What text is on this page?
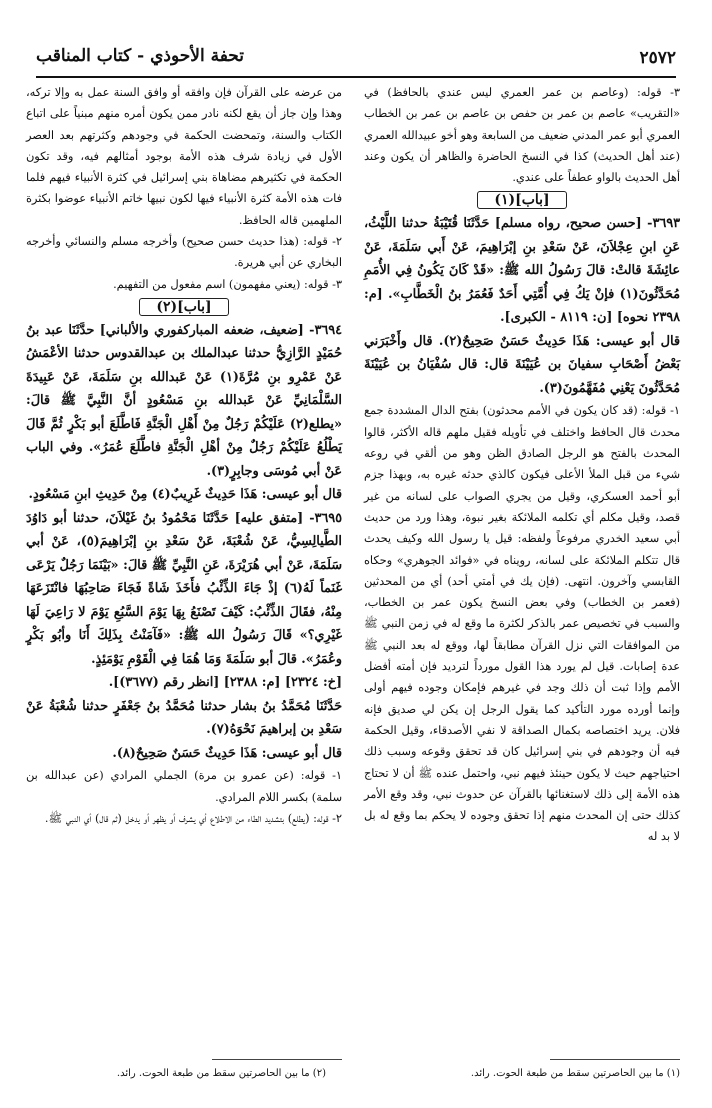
٢٥٧٢
تحفة الأحوذي - كتاب المناقب

٣- قوله: (وعاصم بن عمر العمري ليس عندي بالحافظ) في «التقريب» عاصم بن عمر بن حفص بن عاصم بن عمر بن الخطاب العمري أبو عمر المدني ضعيف من السابعة وهو أخو عبيدالله العمري (عند أهل الحديث) كذا في النسخ الحاضرة والظاهر أن يكون وعند أهل الحديث بالواو عطفاً على عندي.

[باب](١)

٣٦٩٣- [حسن صحيح، رواه مسلم] حَدَّثَنَا قُتَيْبَةُ حدثنا اللَّيْثُ، عَنِ ابنِ عِجْلاَنَ، عَنْ سَعْدِ بنِ إبْرَاهِيمَ، عَنْ أَبي سَلَمَةَ، عَنْ عائِشَةَ قالتْ: قالَ رَسُولُ الله ﷺ: «قَدْ كَانَ يَكُونُ فِي الأُمَمِ مُحَدَّثُونَ(١) فإنْ يَكُ فِي أُمَّتِي أَحَدٌ فَعُمَرُ بنُ الْخَطَّابِ». [م: ٢٣٩٨ نحوه] [ن: ٨١١٩ - الكبرى].

قال أبو عيسى: هَذَا حَدِيثٌ حَسَنٌ صَحِيحٌ(٢). قال وأَخْبَرَني بَعْضُ أَصْحَابِ سفيانَ بن عُيَيْنَةَ قال: قال سُفْيَانُ بن عُيَيْنَةَ مُحَدَّثُونَ يَعْنِي مُفَهَّمُونَ(٣).

١- قوله: (قد كان يكون في الأمم محدثون) بفتح الدال المشددة جمع محدث قال الحافظ واختلف في تأويله فقيل ملهم قاله الأكثر، قالوا المحدث بالفتح هو الرجل الصادق الظن وهو من ألقي في روعه شيء من قبل الملأ الأعلى فيكون كالذي حدثه غيره به، وبهذا جزم أبو أحمد العسكري، وقيل من يجري الصواب على لسانه من غير قصد، وقيل مكلم أي تكلمه الملائكة بغير نبوة، وهذا ورد من حديث أبي سعيد الخدري مرفوعاً ولفظه: قيل يا رسول الله وكيف يحدث قال تتكلم الملائكة على لسانه، رويناه في «فوائد الجوهري» وحكاه القابسي وآخرون. انتهى. (فإن يك في أمتي أحد) أي من المحدثين (فعمر بن الخطاب) وفي بعض النسخ يكون عمر بن الخطاب، والسبب في تخصيص عمر بالذكر لكثرة ما وقع له في زمن النبي ﷺ من الموافقات التي نزل القرآن مطابقاً لها، ووقع له بعد النبي ﷺ عدة إصابات. قيل لم يورد هذا القول مورداً لترديد فإن أمته أفضل الأمم وإذا ثبت أن ذلك وجد في غيرهم فإمكان وجوده فيهم أولى وإنما أورده مورد التأكيد كما يقول الرجل إن يكن لي صديق فإنه فلان. يريد اختصاصه بكمال الصداقة لا نفي الأصدقاء، وقيل الحكمة فيه أن وجودهم في بني إسرائيل كان قد تحقق وقوعه وسبب ذلك احتياجهم حيث لا يكون حينئذ فيهم نبي، واحتمل عنده ﷺ أن لا تحتاج هذه الأمة إلى ذلك لاستغنائها بالقرآن عن حدوث نبي، وقد وقع الأمر كذلك حتى إن المحدث منهم إذا تحقق وجوده لا يحكم بما وقع له بل لا بد له

من عرضه على القرآن فإن وافقه أو وافق السنة عمل به وإلا تركه، وهذا وإن جاز أن يقع لكنه نادر ممن يكون أمره منهم مبنياً على اتباع الكتاب والسنة، وتمحضت الحكمة في وجودهم وكثرتهم بعد العصر الأول في زيادة شرف هذه الأمة بوجود أمثالهم فيه، وقد تكون الحكمة في تكثيرهم مضاهاة بني إسرائيل في كثرة الأنبياء فيهم فلما فات هذه الأمة كثرة الأنبياء فيها لكون نبيها خاتم الأنبياء عوضوا بكثرة الملهمين قاله الحافظ.

٢- قوله: (هذا حديث حسن صحيح) وأخرجه مسلم والنسائي وأخرجه البخاري عن أبي هريرة.

٣- قوله: (يعني مفهمون) اسم مفعول من التفهيم.

[باب](٢)

٣٦٩٤- [ضعيف، ضعفه المباركفوري والألباني] حدَّثَنَا عبد بنُ حُمَيْدٍ الرَّازِيُّ حدثنا عبدالملك بن عبدالقدوس حدثنا الأعْمَشُ عَنْ عَمْرِو بنِ مُرَّةَ(١) عَنْ عَبدالله بنِ سَلَمَةَ، عَنْ عَبِيدَةَ السَّلْمَانِيِّ عَنْ عَبدالله بنِ مَسْعُودٍ أنَّ النَّبِيَّ ﷺ قالَ: «يطلع(٢) عَلَيْكُمْ رَجُلٌ مِنْ أَهْلِ الْجَنَّةِ فَاطَّلَعَ أبو بَكْرٍ ثُمَّ قَالَ يَطْلُعُ عَلَيْكُمْ رَجُلٌ مِنْ أهْلِ الْجَنَّةِ فاطَّلَعَ عُمَرُ». وفي الباب عَنْ أبي مُوسَى وجابِرٍ(٣).

قال أبو عيسى: هَذَا حَدِيثٌ غَرِيبٌ(٤) مِنْ حَدِيثِ ابنِ مَسْعُودٍ.

٣٦٩٥- [متفق عليه] حَدَّثَنَا مَحْمُودُ بنُ غَيْلاَنَ، حدثنا أبو دَاوُدَ الطَّيالِسِيُّ، عَنْ شُعْبَةَ، عَنْ سَعْدِ بنِ إبْرَاهِيمَ(٥)، عَنْ أبي سَلَمَةَ، عَنْ أبي هُرَيْرَةَ، عَنِ النَّبِيِّ ﷺ قالَ: «بَيْنَمَا رَجُلٌ يَرْعَى غَنَماً لَهُ(٦) إذْ جَاءَ الذِّئْبُ فأَخَذَ شَاةً فَجَاءَ صَاحِبُهَا فانْتَزَعَهَا مِنْهُ، فقَالَ الذِّئْبُ: كَيْفَ تَصْنَعُ بِهَا يَوْمَ السَّبُعِ يَوْمَ لا رَاعِيَ لَهَا غَيْرِي؟» قَالَ رَسُولُ الله ﷺ: «فَآمَنْتُ بِذَلِكَ أَنَا وأبُو بَكْرٍ وعُمَرُ». قالَ أبو سَلَمَةَ وَمَا هُمَا فِي الْقَوْمِ يَوْمَئِذٍ.

[خ: ٢٣٢٤] [م: ٢٣٨٨] [انظر رقم (٣٦٧٧)].

حَدَّثَنَا مُحَمَّدُ بنُ بشار حدثنا مُحَمَّدُ بنُ جَعْفَرٍ حدثنا شُعْبَةُ عَنْ سَعْدِ بن إبراهيمَ نَحْوَهُ(٧).

قال أبو عيسى: هَذَا حَدِيثٌ حَسَنٌ صَحِيحٌ(٨).

١- قوله: (عن عمرو بن مرة) الجملي المرادي (عن عبدالله بن سلمة) بكسر اللام المرادي.

٢- قوله: (يطلع) بتشديد الطاء من الاطلاع أي يشرف أو يظهر أو يدخل (ثم قال) أي النبي ﷺ.

(١) ما بين الحاصرتين سقط من طبعة الحوت. رائد.
(٢) ما بين الحاصرتين سقط من طبعة الحوت. رائد.
